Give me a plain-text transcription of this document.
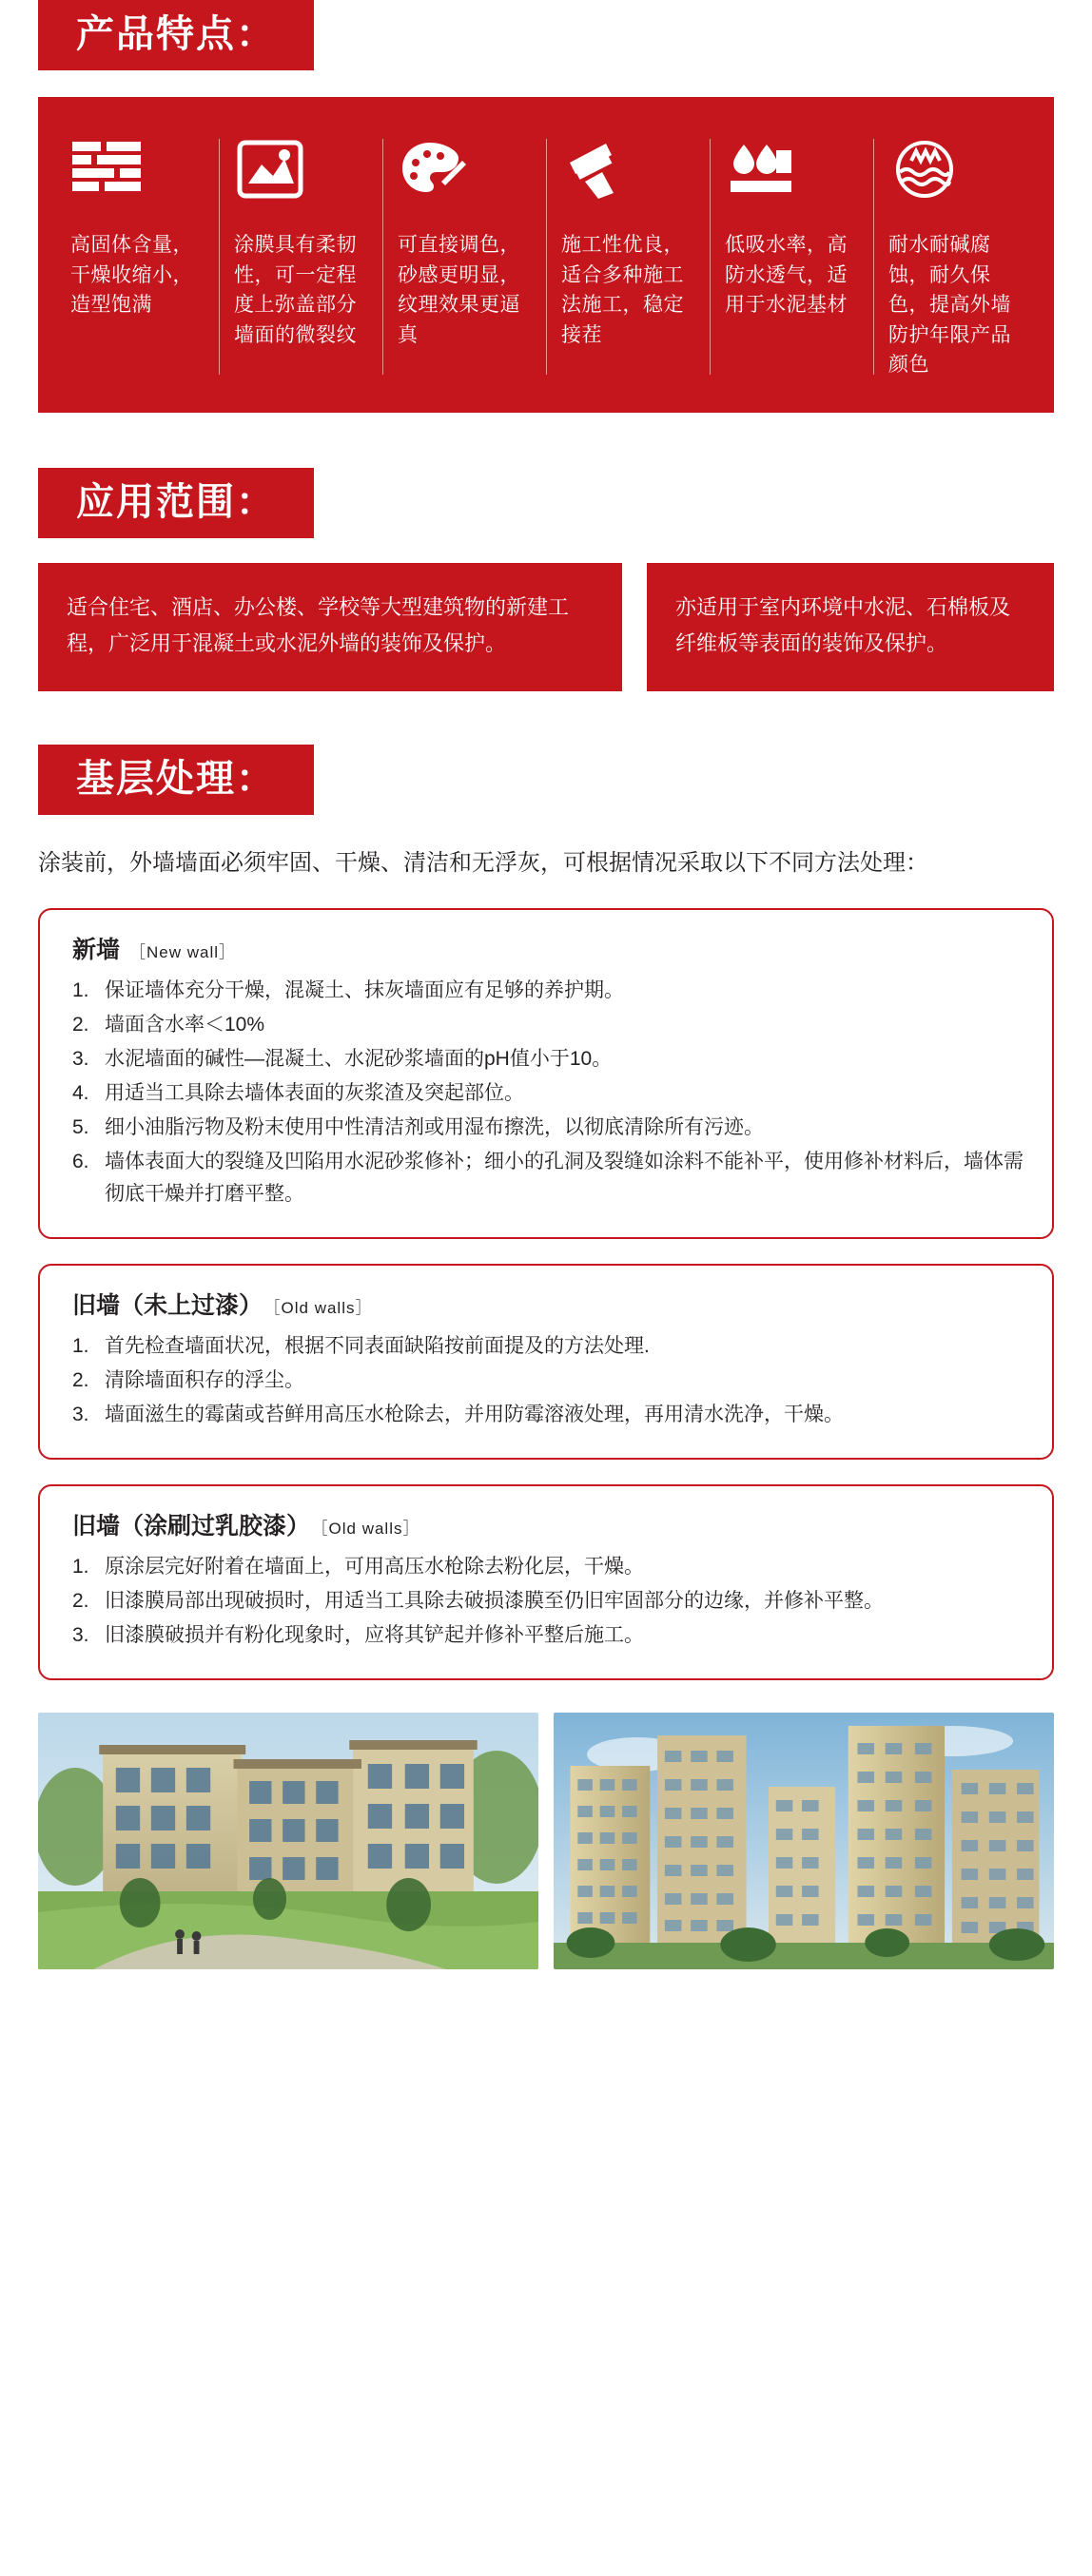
产品特点：
高固体含量，干燥收缩小，造型饱满
涂膜具有柔韧性，可一定程度上弥盖部分墙面的微裂纹
可直接调色，砂感更明显，纹理效果更逼真
施工性优良，适合多种施工法施工，稳定接茬
低吸水率，高防水透气，适用于水泥基材
耐水耐碱腐蚀，耐久保色，提高外墙防护年限产品颜色
应用范围：
适合住宅、酒店、办公楼、学校等大型建筑物的新建工程，广泛用于混凝土或水泥外墙的装饰及保护。
亦适用于室内环境中水泥、石棉板及纤维板等表面的装饰及保护。
基层处理：
涂装前，外墙墙面必须牢固、干燥、清洁和无浮灰，可根据情况采取以下不同方法处理：
新墙 ［New wall］
1. 保证墙体充分干燥，混凝土、抹灰墙面应有足够的养护期。
2. 墙面含水率＜10%
3. 水泥墙面的碱性—混凝土、水泥砂浆墙面的pH值小于10。
4. 用适当工具除去墙体表面的灰浆渣及突起部位。
5. 细小油脂污物及粉末使用中性清洁剂或用湿布擦洗，以彻底清除所有污迹。
6. 墙体表面大的裂缝及凹陷用水泥砂浆修补；细小的孔洞及裂缝如涂料不能补平，使用修补材料后，墙体需彻底干燥并打磨平整。
旧墙（未上过漆） ［Old walls］
1. 首先检查墙面状况，根据不同表面缺陷按前面提及的方法处理.
2. 清除墙面积存的浮尘。
3. 墙面滋生的霉菌或苔鲜用高压水枪除去，并用防霉溶液处理，再用清水洗净，干燥。
旧墙（涂刷过乳胶漆） ［Old walls］
1. 原涂层完好附着在墙面上，可用高压水枪除去粉化层，干燥。
2. 旧漆膜局部出现破损时，用适当工具除去破损漆膜至仍旧牢固部分的边缘，并修补平整。
3. 旧漆膜破损并有粉化现象时，应将其铲起并修补平整后施工。
